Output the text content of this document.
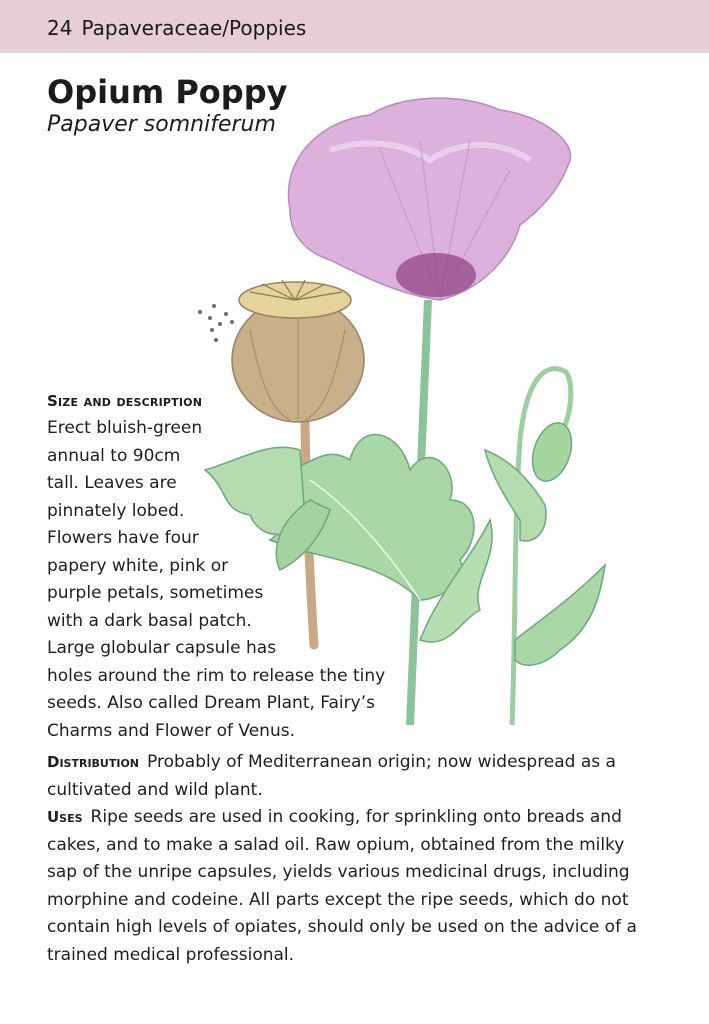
24 Papaveraceae/Poppies
Opium Poppy
Papaver somniferum
Size and description
Erect bluish-green
annual to 90cm
tall. Leaves are
pinnately lobed.
Flowers have four
papery white, pink or
purple petals, sometimes
with a dark basal patch.
Large globular capsule has
holes around the rim to release the tiny
seeds. Also called Dream Plant, Fairy’s
Charms and Flower of Venus.
Distribution Probably of Mediterranean origin; now widespread as a cultivated and wild plant.
Uses Ripe seeds are used in cooking, for sprinkling onto breads and cakes, and to make a salad oil. Raw opium, obtained from the milky sap of the unripe capsules, yields various medicinal drugs, including morphine and codeine. All parts except the ripe seeds, which do not contain high levels of opiates, should only be used on the advice of a trained medical professional.
